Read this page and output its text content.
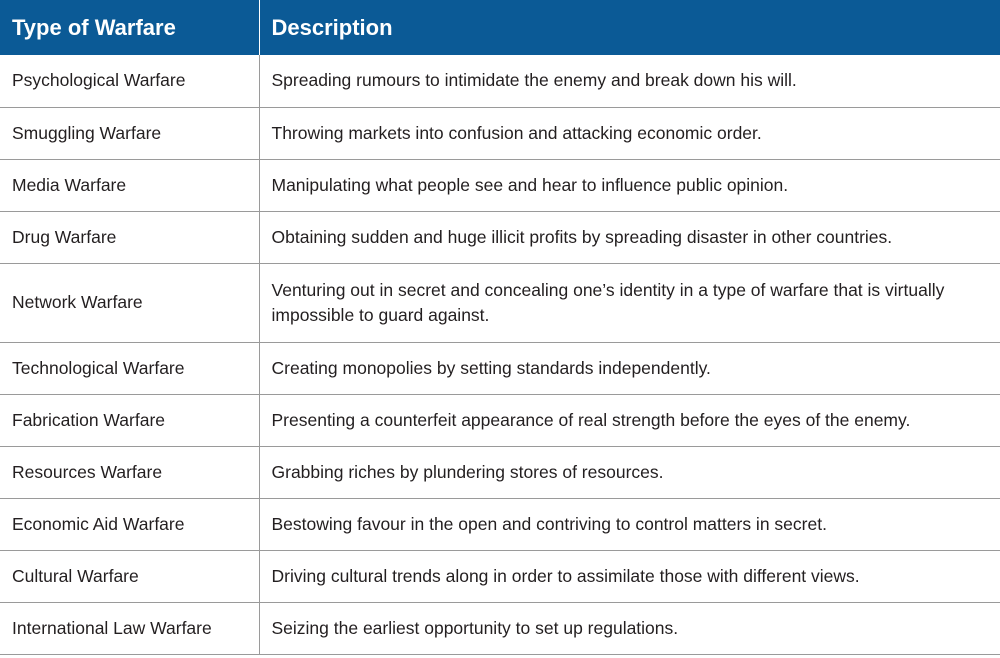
Type of Warfare	Description
Psychological Warfare	Spreading rumours to intimidate the enemy and break down his will.
Smuggling Warfare	Throwing markets into confusion and attacking economic order.
Media Warfare	Manipulating what people see and hear to influence public opinion.
Drug Warfare	Obtaining sudden and huge illicit profits by spreading disaster in other countries.
Network Warfare	Venturing out in secret and concealing one’s identity in a type of warfare that is virtually impossible to guard against.
Technological Warfare	Creating monopolies by setting standards independently.
Fabrication Warfare	Presenting a counterfeit appearance of real strength before the eyes of the enemy.
Resources Warfare	Grabbing riches by plundering stores of resources.
Economic Aid Warfare	Bestowing favour in the open and contriving to control matters in secret.
Cultural Warfare	Driving cultural trends along in order to assimilate those with different views.
International Law Warfare	Seizing the earliest opportunity to set up regulations.
